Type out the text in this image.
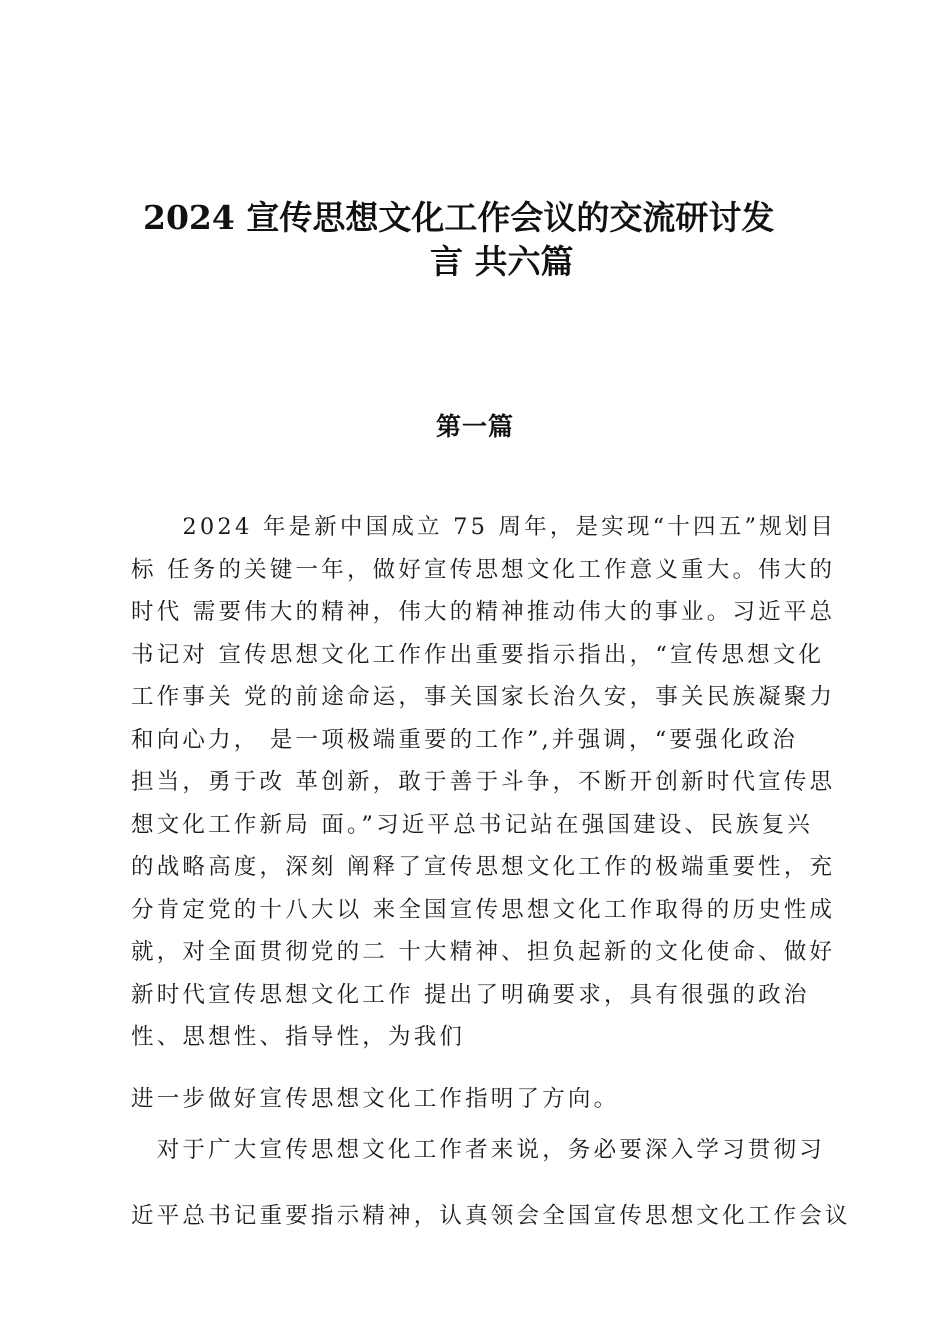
2024 宣传思想文化工作会议的交流研讨发
言 共六篇
第一篇
　　2024 年是新中国成立 75 周年，是实现“十四五”规划目
标 任务的关键一年，做好宣传思想文化工作意义重大。伟大的
时代 需要伟大的精神，伟大的精神推动伟大的事业。习近平总
书记对 宣传思想文化工作作出重要指示指出，“宣传思想文化
工作事关 党的前途命运，事关国家长治久安，事关民族凝聚力
和向心力， 是一项极端重要的工作”,并强调，“要强化政治
担当，勇于改 革创新，敢于善于斗争，不断开创新时代宣传思
想文化工作新局 面。”习近平总书记站在强国建设、民族复兴
的战略高度，深刻 阐释了宣传思想文化工作的极端重要性，充
分肯定党的十八大以 来全国宣传思想文化工作取得的历史性成
就，对全面贯彻党的二 十大精神、担负起新的文化使命、做好
新时代宣传思想文化工作 提出了明确要求，具有很强的政治
性、思想性、指导性，为我们
进一步做好宣传思想文化工作指明了方向。
　对于广大宣传思想文化工作者来说，务必要深入学习贯彻习
近平总书记重要指示精神，认真领会全国宣传思想文化工作会议
